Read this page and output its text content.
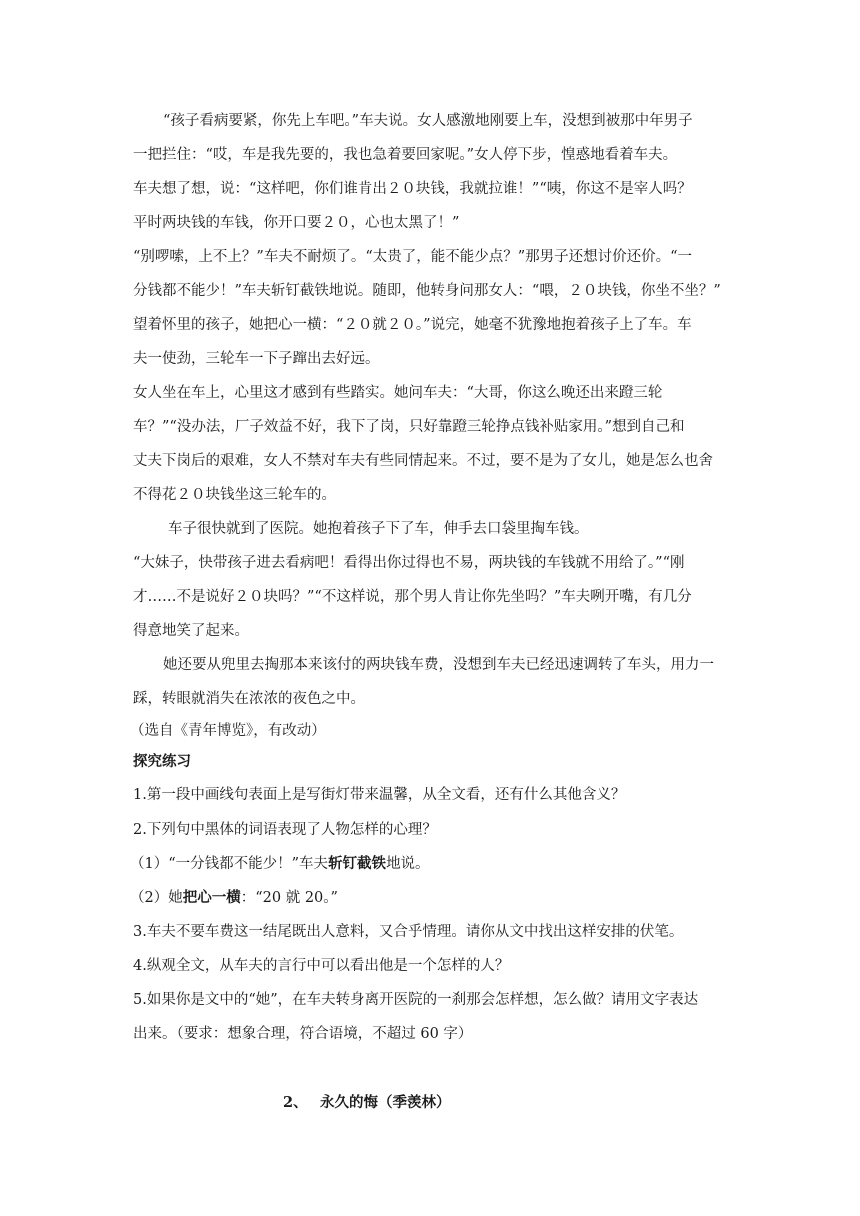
“孩子看病要紧，你先上车吧。”车夫说。女人感激地刚要上车，没想到被那中年男子
一把拦住：“哎，车是我先要的，我也急着要回家呢。”女人停下步，惶惑地看着车夫。
车夫想了想，说：“这样吧，你们谁肯出２０块钱，我就拉谁！”“咦，你这不是宰人吗？
平时两块钱的车钱，你开口要２０，心也太黑了！”
“别啰嗦，上不上？”车夫不耐烦了。“太贵了，能不能少点？”那男子还想讨价还价。“一
分钱都不能少！”车夫斩钉截铁地说。随即，他转身问那女人：“喂，２０块钱，你坐不坐？”
望着怀里的孩子，她把心一横：“２０就２０。”说完，她毫不犹豫地抱着孩子上了车。车
夫一使劲，三轮车一下子蹿出去好远。
女人坐在车上，心里这才感到有些踏实。她问车夫：“大哥，你这么晚还出来蹬三轮
车？”“没办法，厂子效益不好，我下了岗，只好靠蹬三轮挣点钱补贴家用。”想到自己和
丈夫下岗后的艰难，女人不禁对车夫有些同情起来。不过，要不是为了女儿，她是怎么也舍
不得花２０块钱坐这三轮车的。
车子很快就到了医院。她抱着孩子下了车，伸手去口袋里掏车钱。
“大妹子，快带孩子进去看病吧！看得出你过得也不易，两块钱的车钱就不用给了。”“刚
才……不是说好２０块吗？”“不这样说，那个男人肯让你先坐吗？”车夫咧开嘴，有几分
得意地笑了起来。
她还要从兜里去掏那本来该付的两块钱车费，没想到车夫已经迅速调转了车头，用力一
踩，转眼就消失在浓浓的夜色之中。
（选自《青年博览》，有改动）
探究练习
1.第一段中画线句表面上是写街灯带来温馨，从全文看，还有什么其他含义？
2.下列句中黑体的词语表现了人物怎样的心理？
（1）“一分钱都不能少！”车夫斩钉截铁地说。
（2）她把心一横：“20 就 20。”
3.车夫不要车费这一结尾既出人意料，又合乎情理。请你从文中找出这样安排的伏笔。
4.纵观全文，从车夫的言行中可以看出他是一个怎样的人？
5.如果你是文中的“她”，在车夫转身离开医院的一刹那会怎样想，怎么做？请用文字表达
出来。（要求：想象合理，符合语境，不超过 60 字）
2、 永久的悔（季羡林）
